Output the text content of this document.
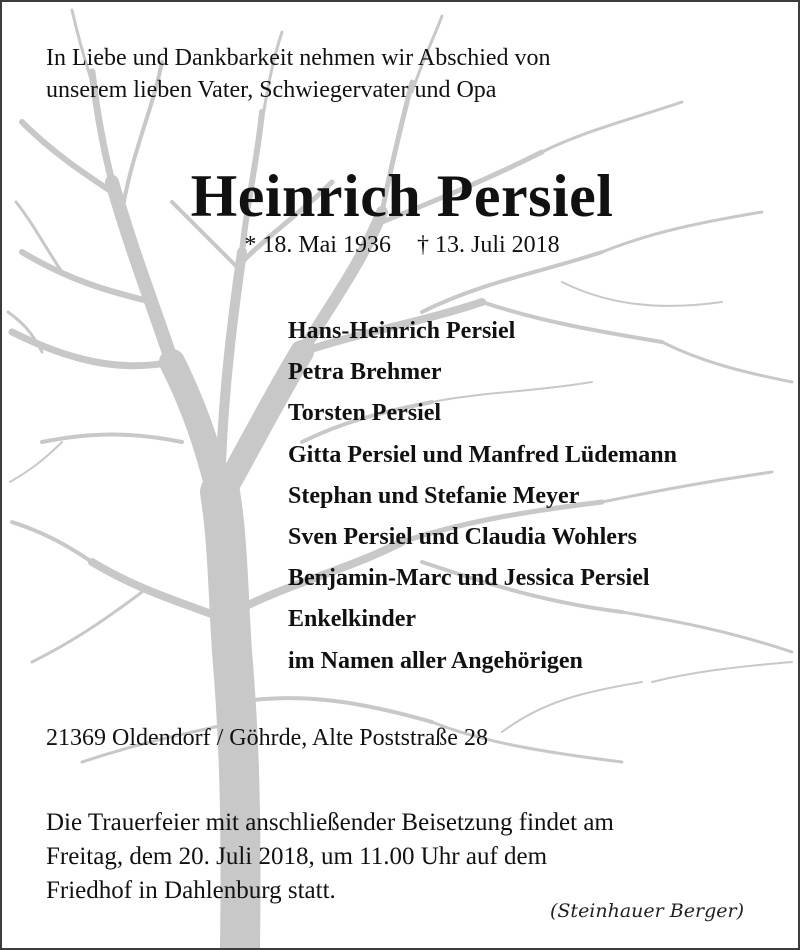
In Liebe und Dankbarkeit nehmen wir Abschied von
unserem lieben Vater, Schwiegervater und Opa
Heinrich Persiel
* 18. Mai 1936 † 13. Juli 2018
Hans-Heinrich Persiel
Petra Brehmer
Torsten Persiel
Gitta Persiel und Manfred Lüdemann
Stephan und Stefanie Meyer
Sven Persiel und Claudia Wohlers
Benjamin-Marc und Jessica Persiel
Enkelkinder
im Namen aller Angehörigen
21369 Oldendorf / Göhrde, Alte Poststraße 28
Die Trauerfeier mit anschließender Beisetzung findet am
Freitag, dem 20. Juli 2018, um 11.00 Uhr auf dem
Friedhof in Dahlenburg statt.
(Steinhauer Berger)
